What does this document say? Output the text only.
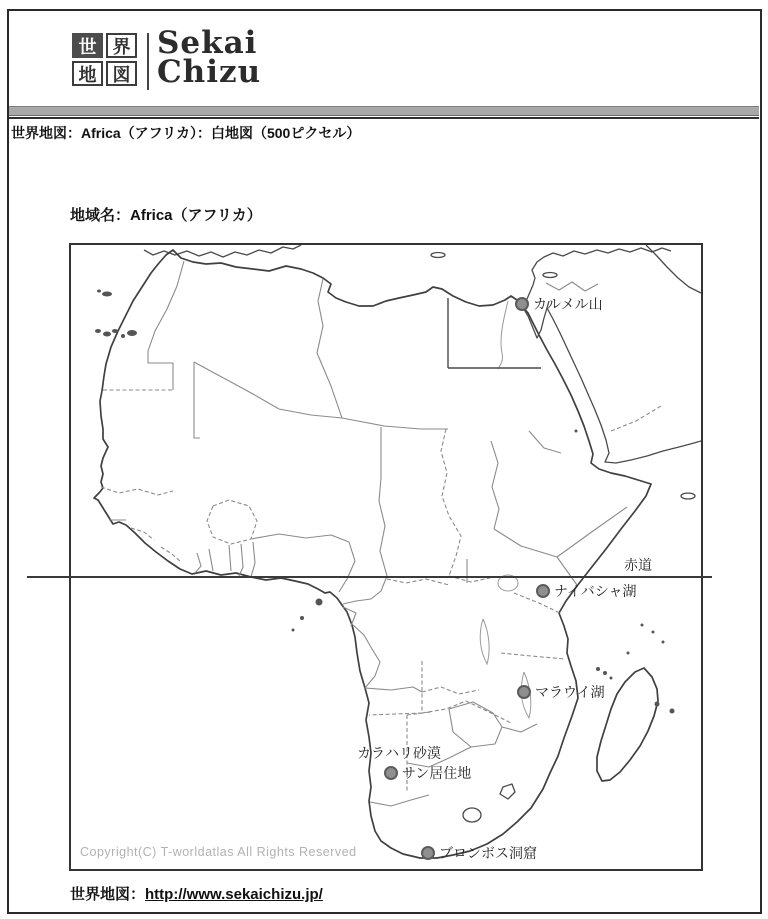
世 界
地 図
Sekai
Chizu
世界地図：Africa（アフリカ）：白地図（500ピクセル）
地域名：Africa（アフリカ）
赤道
カルメル山
ナイバシャ湖
マラウイ湖
サン居住地
ブロンボス洞窟
カラハリ砂漠
Copyright(C) T-worldatlas All Rights Reserved
世界地図：http://www.sekaichizu.jp/
